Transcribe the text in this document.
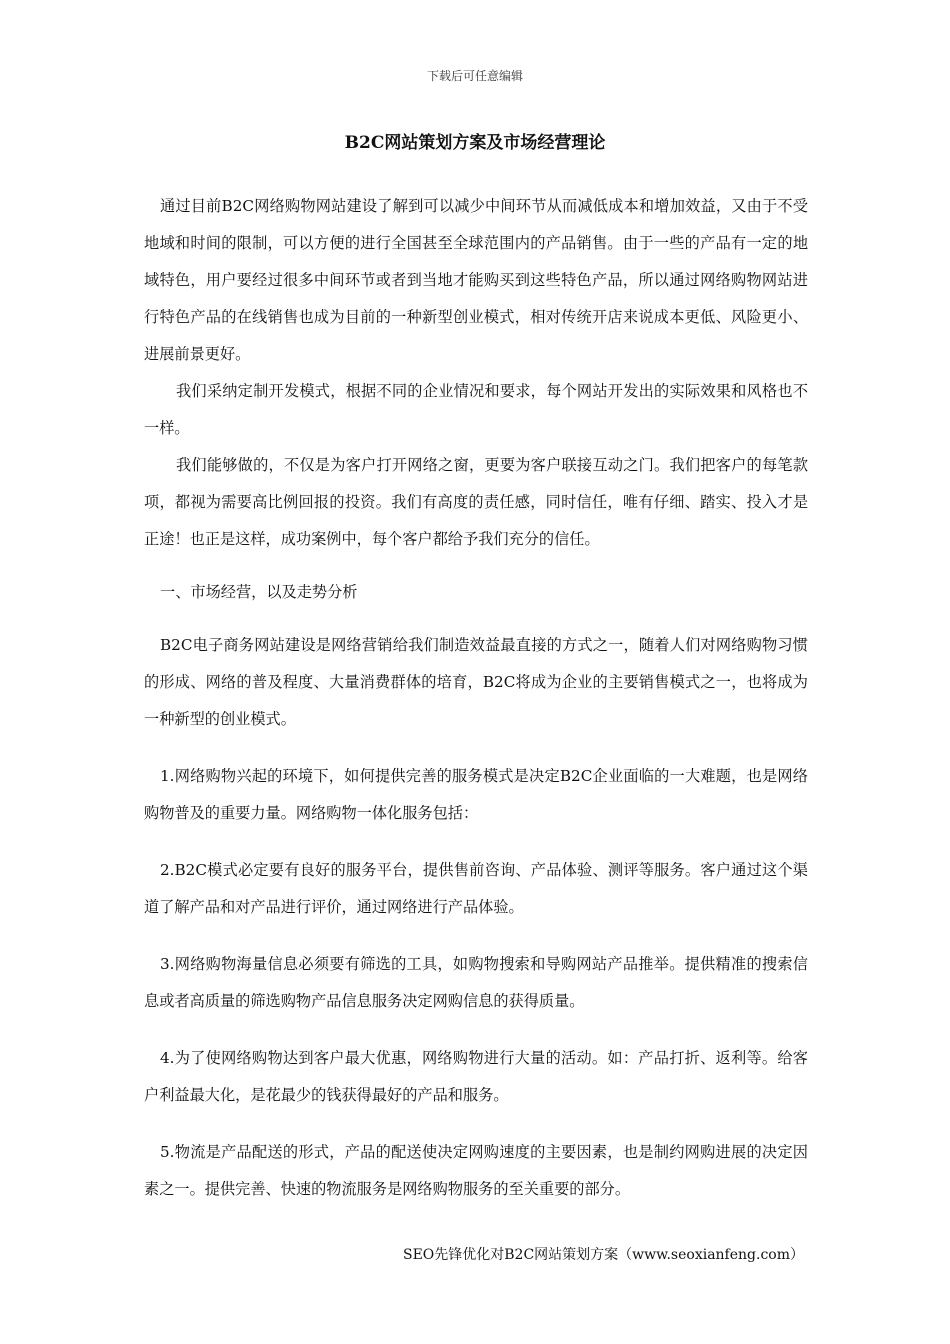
下载后可任意编辑
B2C网站策划方案及市场经营理论

通过目前B2C网络购物网站建设了解到可以减少中间环节从而减低成本和增加效益，又由于不受地域和时间的限制，可以方便的进行全国甚至全球范围内的产品销售。由于一些的产品有一定的地域特色，用户要经过很多中间环节或者到当地才能购买到这些特色产品，所以通过网络购物网站进行特色产品的在线销售也成为目前的一种新型创业模式，相对传统开店来说成本更低、风险更小、进展前景更好。

我们采纳定制开发模式，根据不同的企业情况和要求，每个网站开发出的实际效果和风格也不一样。

我们能够做的，不仅是为客户打开网络之窗，更要为客户联接互动之门。我们把客户的每笔款项，都视为需要高比例回报的投资。我们有高度的责任感，同时信任，唯有仔细、踏实、投入才是正途！也正是这样，成功案例中，每个客户都给予我们充分的信任。

一、市场经营，以及走势分析

B2C电子商务网站建设是网络营销给我们制造效益最直接的方式之一，随着人们对网络购物习惯的形成、网络的普及程度、大量消费群体的培育，B2C将成为企业的主要销售模式之一，也将成为一种新型的创业模式。

1.网络购物兴起的环境下，如何提供完善的服务模式是决定B2C企业面临的一大难题，也是网络购物普及的重要力量。网络购物一体化服务包括：

2.B2C模式必定要有良好的服务平台，提供售前咨询、产品体验、测评等服务。客户通过这个渠道了解产品和对产品进行评价，通过网络进行产品体验。

3.网络购物海量信息必须要有筛选的工具，如购物搜索和导购网站产品推举。提供精准的搜索信息或者高质量的筛选购物产品信息服务决定网购信息的获得质量。

4.为了使网络购物达到客户最大优惠，网络购物进行大量的活动。如：产品打折、返利等。给客户利益最大化，是花最少的钱获得最好的产品和服务。

5.物流是产品配送的形式，产品的配送使决定网购速度的主要因素，也是制约网购进展的决定因素之一。提供完善、快速的物流服务是网络购物服务的至关重要的部分。

SEO先锋优化对B2C网站策划方案（www.seoxianfeng.com）
